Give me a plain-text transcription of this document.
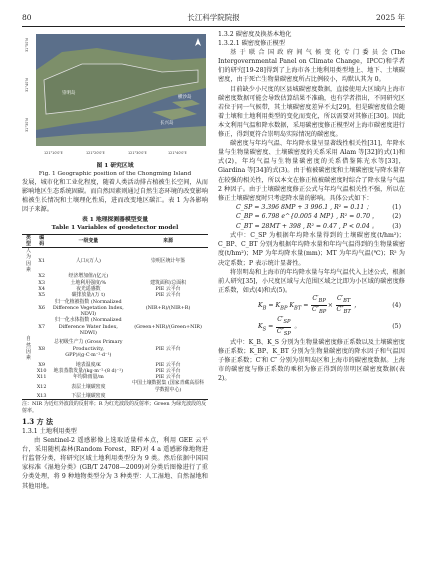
80	长江科学院院报	2025 年
崇明岛
横沙岛
长兴岛
31°50′N
31°40′N
31°30′N
121°10′0″E	121°20′0″E	121°30′0″E	121°40′0″E
图 1 研究区域
Fig. 1 Geographic position of the Chongming Island

发展，城市化和工业化程度，随着人类活动排占植被生长空间，从而影响地区生态系统固碳。而自然因素则通过自然生态环境的改变影响植被生长情况和土壤理化性质，进而改变地区碳汇。表 1 为各影响因子来源。

表 1 地理探测器模型变量
Table 1 Variables of geodetector model
类型	编码	一级变量	来源
人为因素	X1	人口/(万人)	崇明区统计年鉴
	X2	经济增加值/(亿元)	
	X3	土地利用强度/%	建筑面积/总面积
	X4	夜光遥感数	PIE 云平台
	X5	碳排放量/(万 t)	PIE 云平台
	X6	归一化植被指数 (Normalized Difference Vegetation Index, NDVI)	(NIR+R)/(NIR+R)
	X7	归一化水体指数 (Normalized Difference Water Index, NDWI)	(Green+NIR)/(Green+NIR)
自然因素	X8	总初级生产力 (Gross Primary Productivity, GPP)/(g·C·m⁻²·d⁻¹)	PIE 云平台
	X9	地表温度/K	PIE 云平台
	X10	地表蒸散发量/(kg·m⁻²·(8 d)⁻¹)	PIE 云平台
	X11	年均降雨量/m	PIE 云平台
	X12	表层土壤碳密度	中国土壤数据集 (国家青藏高原科学数据中心)
	X13	下层土壤碳密度	
注：NIR 为近红外波段的反射率；R 为红光波段的反射率；Green 为绿光波段的反射率。
1.3 方 法
1.3.1 土地利用类型

由 Sentinel-2 遥感影像上选取适量样本点，利用 GEE 云平台，采用随机森林(Random Forest，RF)对 4 a 遥感影像地物进行监督分类，将研究区域土地利用类型分为 9 类。然后依据中国国家标准《湿地分类》(GB/T 24708—2009)对分类后图像进行了重分类处理，将 9 种地物类型分为 3 种类型：人工湿地、自然湿地和其他用地。

1.3.2 碳密度及换基本地化
1.3.2.1 碳密度修正模型

基于联合国政府间气候变化专门委员会(The Intergovernmental Panel on Climate Change，IPCC)和学者们的研究[19-28]得到了上海市各土地利用类型地上、地下、土壤碳密度，由于死亡生物量碳密度所占比例较小，均默认其为 0。

目前缺少小尺度的区县城碳密度数据，直接使用大区域内上海市碳密度数据可能会导致估算结果不准确，也有学者指出，不同研究区若位于同一气候带，其土壤碳密度差异不太[29]，但是碳密度值会随着土壤和土地利用类型的变化而变化，所以需要对其修正[30]。因此本文利用气温和降水数据，采用碳密度修正模型对上海市碳密度进行修正，得到更符合崇明岛实际情况的碳密度。

碳密度与年均气温、年均降水量呈显著线性相关性[31]，年降水量与生物量碳密度、土壤碳密度的关系采用 Alam 等[32]的式(1)和式(2)，年均气温与生物量碳密度的关系借鉴陈光水等[33]，Giardina 等[34]的式(3)。由于植被碳密度和土壤碳密度与降水量存在较强的相关性，所以本文在修正植被碳密度时综合了降水量与气温 2 种因子。由于土壤碳密度修正公式与年均气温相关性不强，所以在修正土壤碳密度时只考虑降水量的影响。具体公式如下：

C_SP = 3.396 8MP + 3 996.1 , R² = 0.11 ；	(1)
C_BP = 6.798 e^{0.005 4 MP} , R² = 0.70 ， (2)
C_BT = 28MT + 398 , R² = 0.47 , P < 0.04 。 (3)

式中：C_SP 为根据年均降水量得到的土壤碳密度(t/hm²)；C_BP、C_BT 分别为根据年均降水量和年均气温得到的生物量碳密度(t/hm²)；MP 为年均降水量(mm)；MT 为年均气温(℃)；R² 为决定系数；P 表示统计显著性。

将崇明岛和上海市的年均降水量与年均气温代入上述公式，根据前人研究[35]，小尺度区域与大范围区域之比即为小区域的碳密度修正系数，如式(4)和式(5)。

$K_B = K_{BP}$ $K_{BT} = \frac{C'_{BP}}{C''_{BP}} \times \frac{C'_{BT}}{C''_{BT}}$ ，	(4)
$K_S = \frac{C'_{SP}}{C''_{SP}}$ 。	(5)

式中：K_B、K_S 分别为生物量碳密度修正系数以及土壤碳密度修正系数；K_BP、K_BT 分别为生物量碳密度的降水因子和气温因子修正系数；C′和 C″ 分别为崇明岛区和上海市的碳密度数据。上海市的碳密度与修正系数的乘积为修正得到的崇明区碳密度数据(表 2)。
